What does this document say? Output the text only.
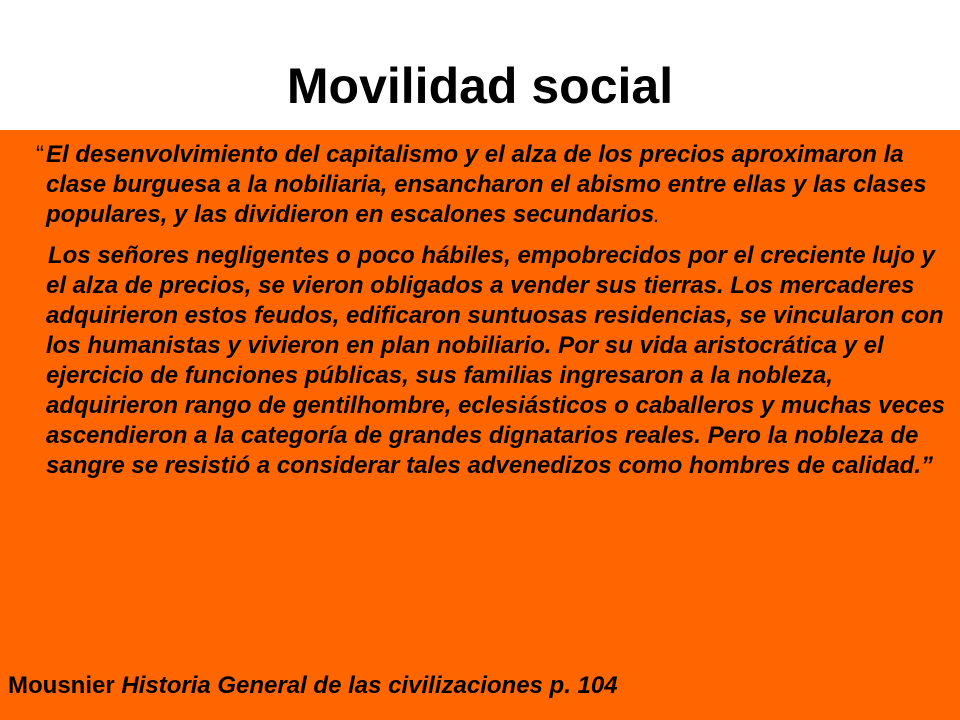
Movilidad social

“El desenvolvimiento del capitalismo y el alza de los precios aproximaron la clase burguesa a la nobiliaria, ensancharon el abismo entre ellas y las clases populares, y las dividieron en escalones secundarios.

Los señores negligentes o poco hábiles, empobrecidos por el creciente lujo y el alza de precios, se vieron obligados a vender sus tierras. Los mercaderes adquirieron estos feudos, edificaron suntuosas residencias, se vincularon con los humanistas y vivieron en plan nobiliario. Por su vida aristocrática y el ejercicio de funciones públicas, sus familias ingresaron a la nobleza, adquirieron rango de gentilhombre, eclesiásticos o caballeros y muchas veces ascendieron a la categoría de grandes dignatarios reales. Pero la nobleza de sangre se resistió a considerar tales advenedizos como hombres de calidad.”

Mousnier Historia General de las civilizaciones p. 104
